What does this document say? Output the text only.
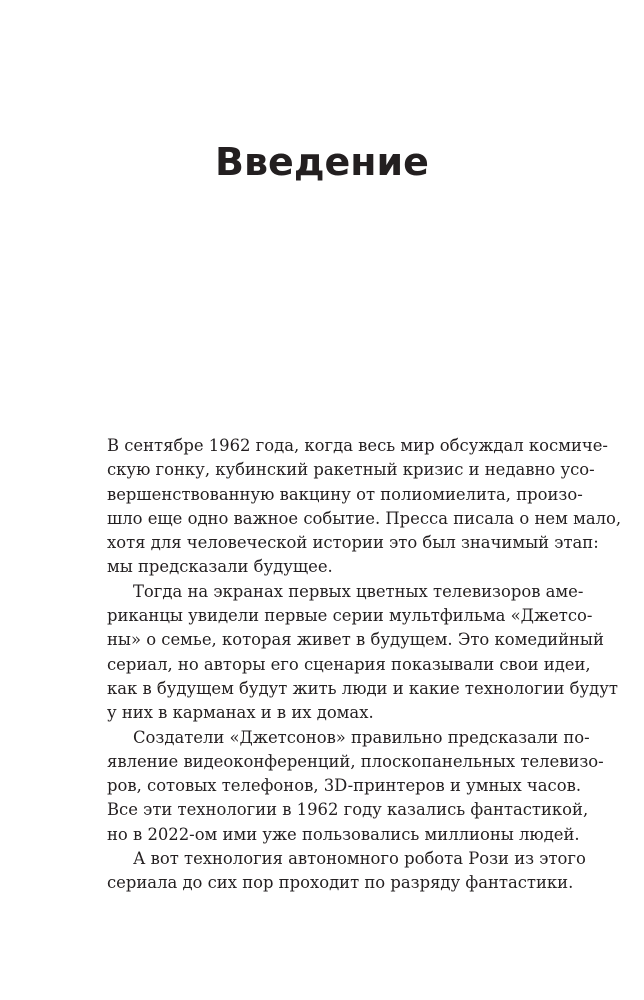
Введение
В сентябре 1962 года, когда весь мир обсуждал космиче-
скую гонку, кубинский ракетный кризис и недавно усо-
вершенствованную вакцину от полиомиелита, произо-
шло еще одно важное событие. Пресса писала о нем мало,
хотя для человеческой истории это был значимый этап:
мы предсказали будущее.
Тогда на экранах первых цветных телевизоров аме-
риканцы увидели первые серии мультфильма «Джетсо-
ны» о семье, которая живет в будущем. Это комедийный
сериал, но авторы его сценария показывали свои идеи,
как в будущем будут жить люди и какие технологии будут
у них в карманах и в их домах.
Создатели «Джетсонов» правильно предсказали по-
явление видеоконференций, плоскопанельных телевизо-
ров, сотовых телефонов, 3D-принтеров и умных часов.
Все эти технологии в 1962 году казались фантастикой,
но в 2022-ом ими уже пользовались миллионы людей.
А вот технология автономного робота Рози из этого
сериала до сих пор проходит по разряду фантастики.
